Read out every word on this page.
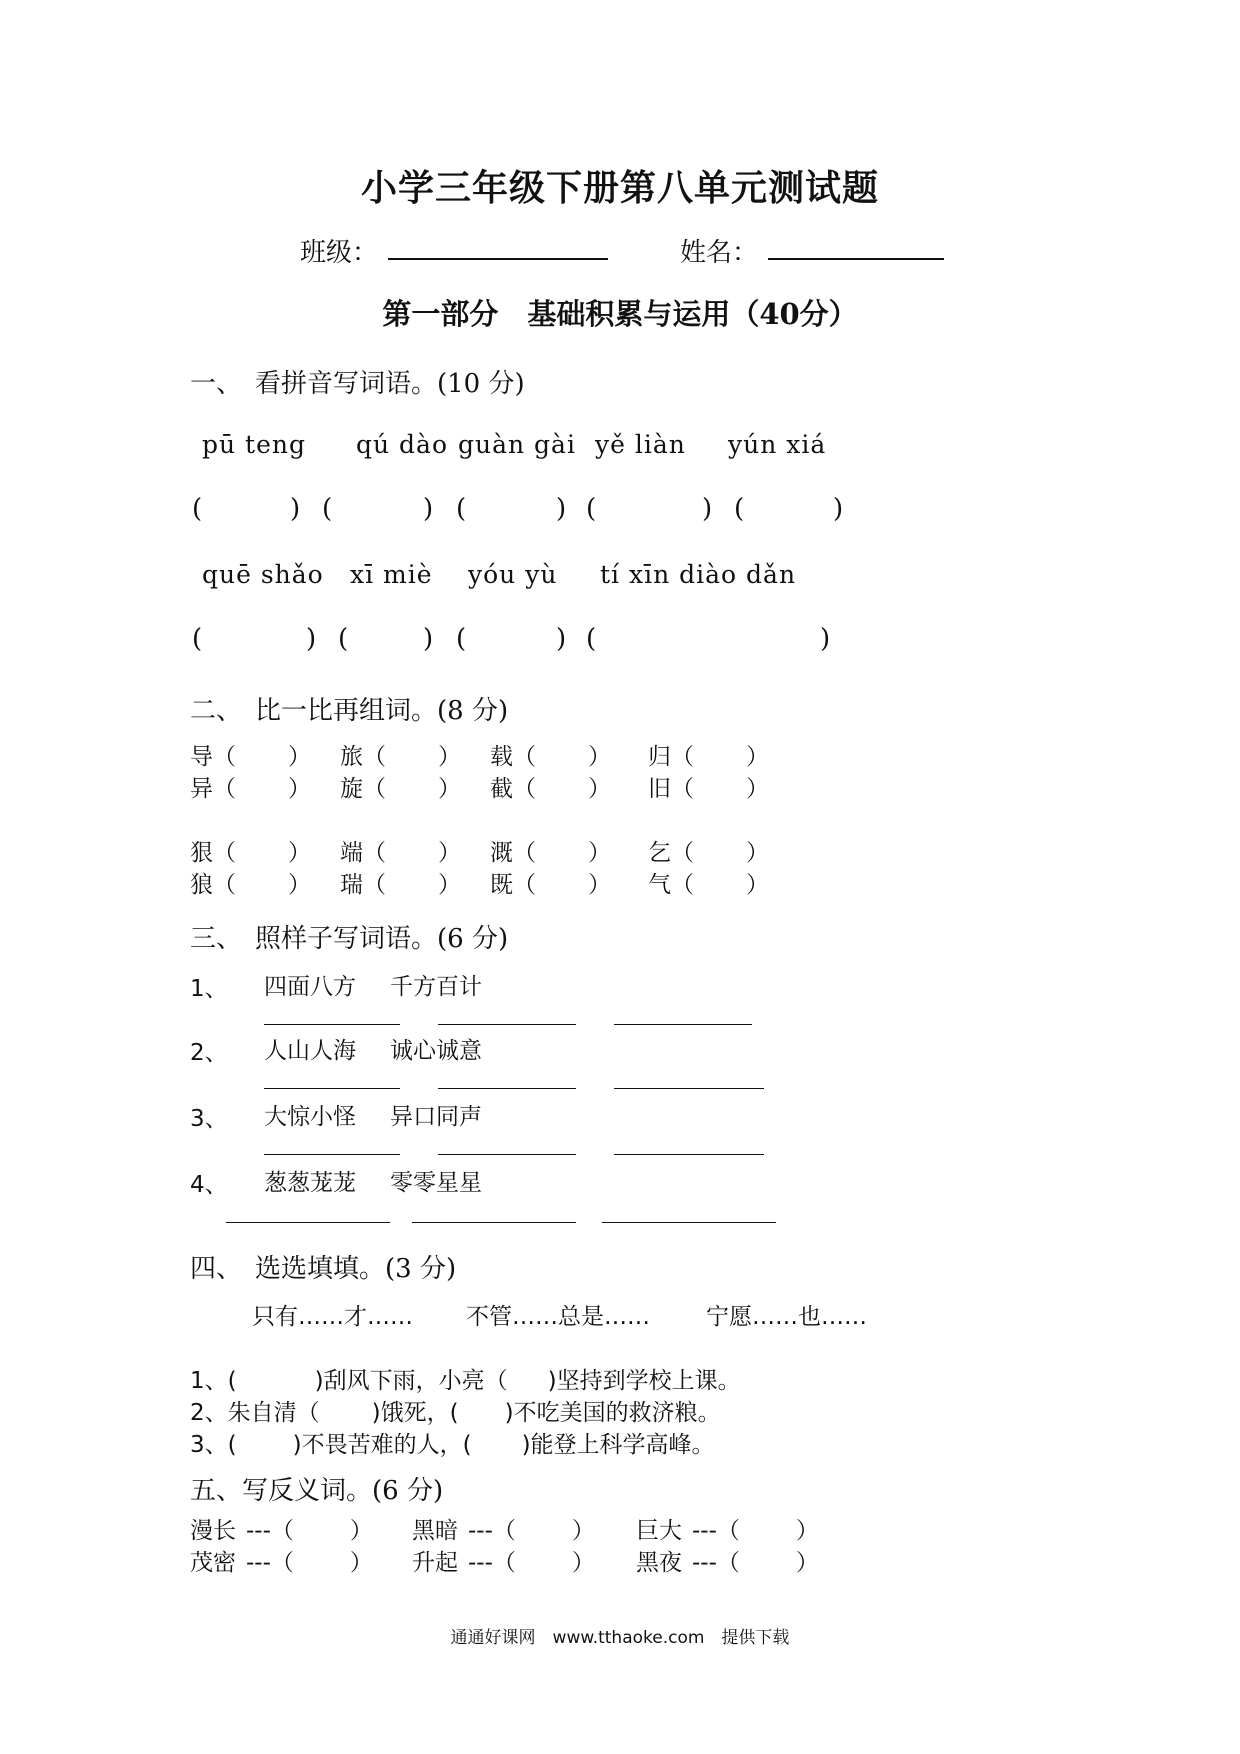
小学三年级下册第八单元测试题
班级：	姓名：
第一部分　基础积累与运用（40分）
一、　看拼音写词语。(10 分)
pū teng qú dào guàn gài yě liàn yún xiá
(	) (	) (	) (	) (	)
quē shǎo xī miè yóu yù tí xīn diào dǎn
(	) (	) (	) (	)
二、　比一比再组词。(8 分)
导（ ） 旅（ ） 载（ ） 归（ ）
异（ ） 旋（ ） 截（ ） 旧（ ）
狠（ ） 端（ ） 溉（ ） 乞（ ）
狼（ ） 瑞（ ） 既（ ） 气（ ）
三、　照样子写词语。(6 分)
1、 四面八方 千方百计
2、 人山人海 诚心诚意
3、 大惊小怪 异口同声
4、 葱葱茏茏 零零星星
四、　选选填填。(3 分)
只有……才…… 不管……总是…… 宁愿……也……
1、(	)刮风下雨，小亮（ )坚持到学校上课。
2、朱自清（ )饿死，( )不吃美国的救济粮。
3、( )不畏苦难的人，( )能登上科学高峰。
五、写反义词。(6 分)
漫长 ---（ ） 黑暗 ---（ ） 巨大 ---（ ）
茂密 ---（ ） 升起 ---（ ） 黑夜 ---（ ）
通通好课网　www.tthaoke.com　提供下载
